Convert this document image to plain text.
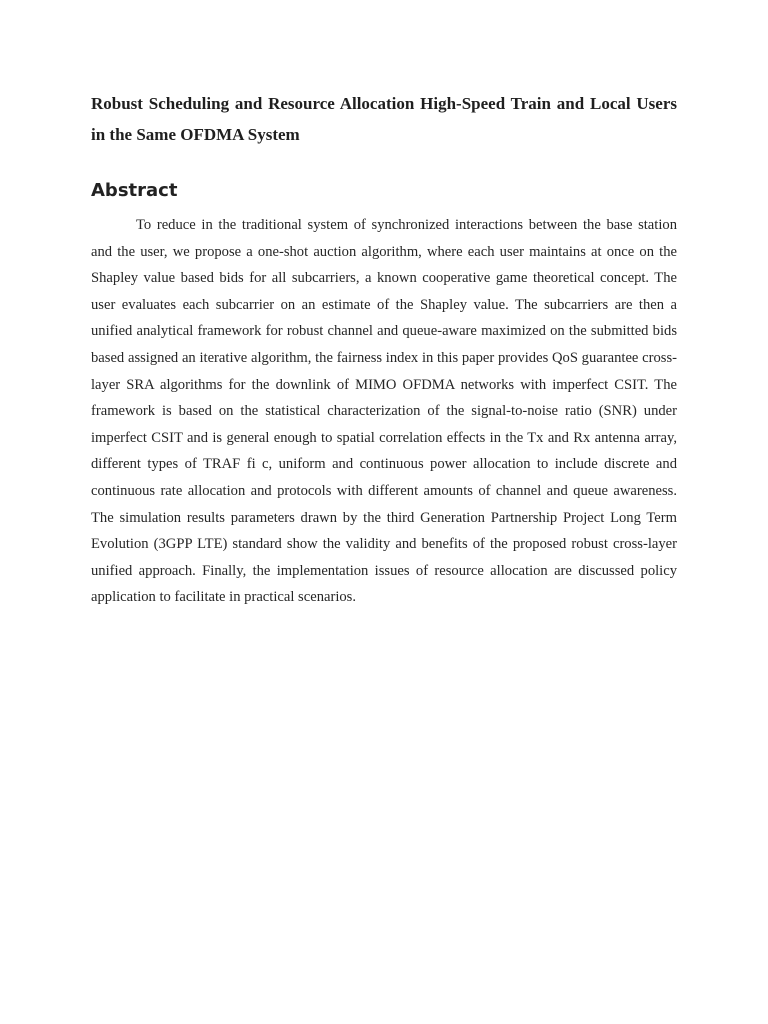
Robust Scheduling and Resource Allocation High-Speed Train and Local Users in the Same OFDMA System
Abstract

To reduce in the traditional system of synchronized interactions between the base station and the user, we propose a one-shot auction algorithm, where each user maintains at once on the Shapley value based bids for all subcarriers, a known cooperative game theoretical concept. The user evaluates each subcarrier on an estimate of the Shapley value. The subcarriers are then a unified analytical framework for robust channel and queue-aware maximized on the submitted bids based assigned an iterative algorithm, the fairness index in this paper provides QoS guarantee cross-layer SRA algorithms for the downlink of MIMO OFDMA networks with imperfect CSIT. The framework is based on the statistical characterization of the signal-to-noise ratio (SNR) under imperfect CSIT and is general enough to spatial correlation effects in the Tx and Rx antenna array, different types of TRAF fi c, uniform and continuous power allocation to include discrete and continuous rate allocation and protocols with different amounts of channel and queue awareness. The simulation results parameters drawn by the third Generation Partnership Project Long Term Evolution (3GPP LTE) standard show the validity and benefits of the proposed robust cross-layer unified approach. Finally, the implementation issues of resource allocation are discussed policy application to facilitate in practical scenarios.
